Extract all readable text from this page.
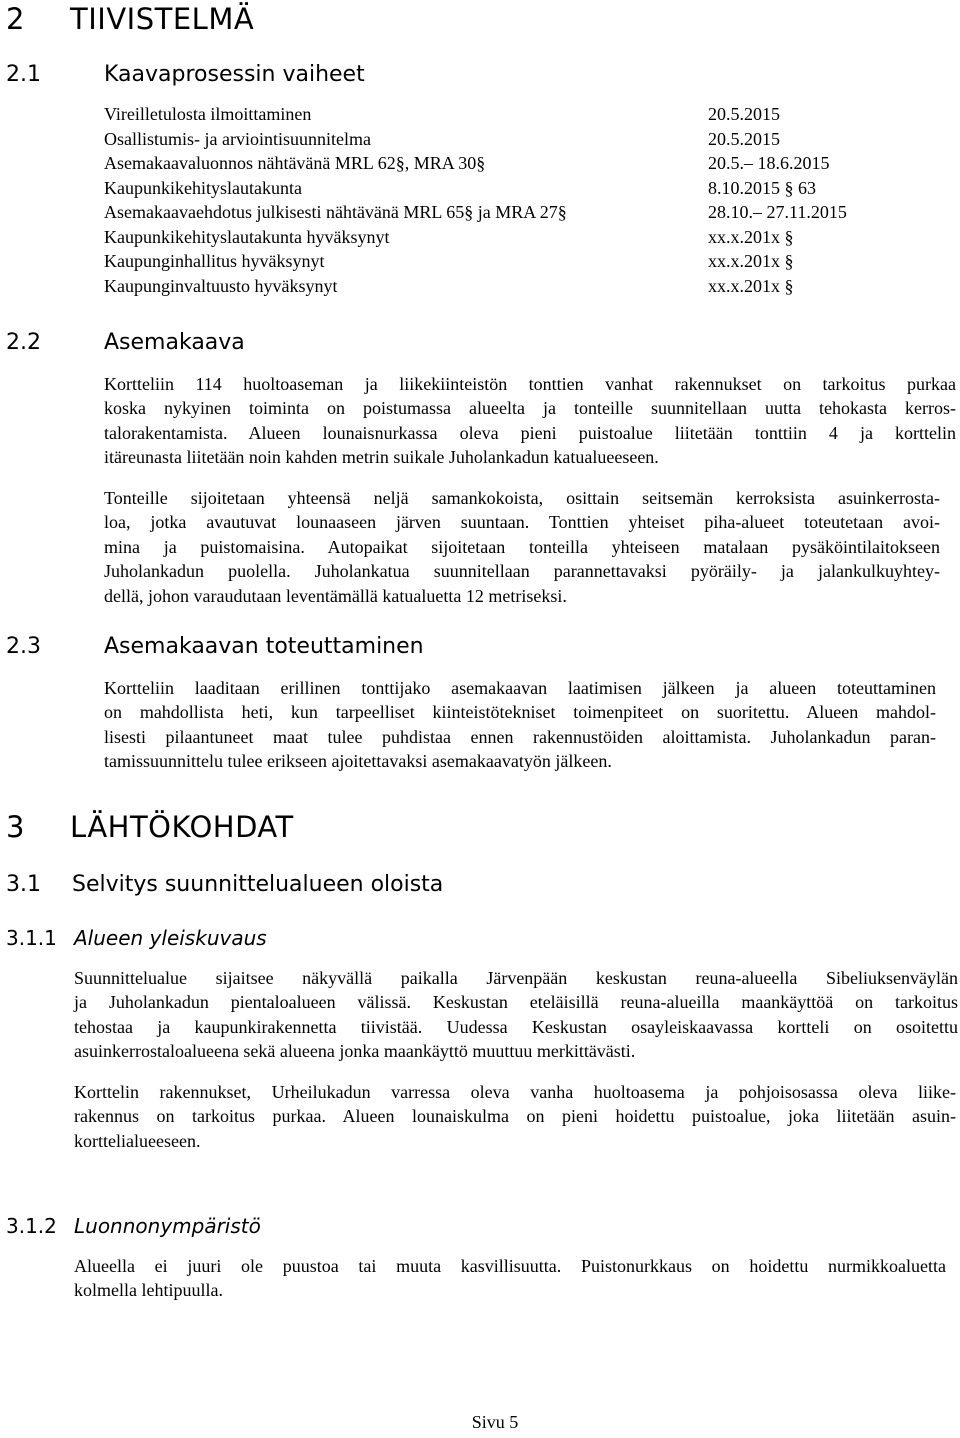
2 TIIVISTELMÄ
2.1	Kaavaprosessin vaiheet
Vireilletulosta ilmoittaminen	20.5.2015
Osallistumis- ja arviointisuunnitelma	20.5.2015
Asemakaavaluonnos nähtävänä MRL 62§, MRA 30§	20.5.– 18.6.2015
Kaupunkikehityslautakunta	8.10.2015 § 63
Asemakaavaehdotus julkisesti nähtävänä MRL 65§ ja MRA 27§	28.10.– 27.11.2015
Kaupunkikehityslautakunta hyväksynyt	xx.x.201x §
Kaupunginhallitus hyväksynyt	xx.x.201x §
Kaupunginvaltuusto hyväksynyt	xx.x.201x §
2.2	Asemakaava
Kortteliin 114 huoltoaseman ja liikekiinteistön tonttien vanhat rakennukset on tarkoitus purkaa
koska nykyinen toiminta on poistumassa alueelta ja tonteille suunnitellaan uutta tehokasta kerros-
talorakentamista. Alueen lounaisnurkassa oleva pieni puistoalue liitetään tonttiin 4 ja korttelin
itäreunasta liitetään noin kahden metrin suikale Juholankadun katualueeseen.
Tonteille sijoitetaan yhteensä neljä samankokoista, osittain seitsemän kerroksista asuinkerrosta-
loa, jotka avautuvat lounaaseen järven suuntaan. Tonttien yhteiset piha-alueet toteutetaan avoi-
mina ja puistomaisina. Autopaikat sijoitetaan tonteilla yhteiseen matalaan pysäköintilaitokseen
Juholankadun puolella. Juholankatua suunnitellaan parannettavaksi pyöräily- ja jalankulkuyhtey-
dellä, johon varaudutaan leventämällä katualuetta 12 metriseksi.
2.3	Asemakaavan toteuttaminen
Kortteliin laaditaan erillinen tonttijako asemakaavan laatimisen jälkeen ja alueen toteuttaminen
on mahdollista heti, kun tarpeelliset kiinteistötekniset toimenpiteet on suoritettu. Alueen mahdol-
lisesti pilaantuneet maat tulee puhdistaa ennen rakennustöiden aloittamista. Juholankadun paran-
tamissuunnittelu tulee erikseen ajoitettavaksi asemakaavatyön jälkeen.
3 LÄHTÖKOHDAT
3.1 Selvitys suunnittelualueen oloista
3.1.1 Alueen yleiskuvaus
Suunnittelualue sijaitsee näkyvällä paikalla Järvenpään keskustan reuna-alueella Sibeliuksenväylän
ja Juholankadun pientaloalueen välissä. Keskustan eteläisillä reuna-alueilla maankäyttöä on tarkoitus
tehostaa ja kaupunkirakennetta tiivistää. Uudessa Keskustan osayleiskaavassa kortteli on osoitettu
asuinkerrostaloalueena sekä alueena jonka maankäyttö muuttuu merkittävästi.
Korttelin rakennukset, Urheilukadun varressa oleva vanha huoltoasema ja pohjoisosassa oleva liike-
rakennus on tarkoitus purkaa. Alueen lounaiskulma on pieni hoidettu puistoalue, joka liitetään asuin-
korttelialueeseen.
3.1.2 Luonnonympäristö
Alueella ei juuri ole puustoa tai muuta kasvillisuutta. Puistonurkkaus on hoidettu nurmikkoaluetta
kolmella lehtipuulla.
Sivu 5
